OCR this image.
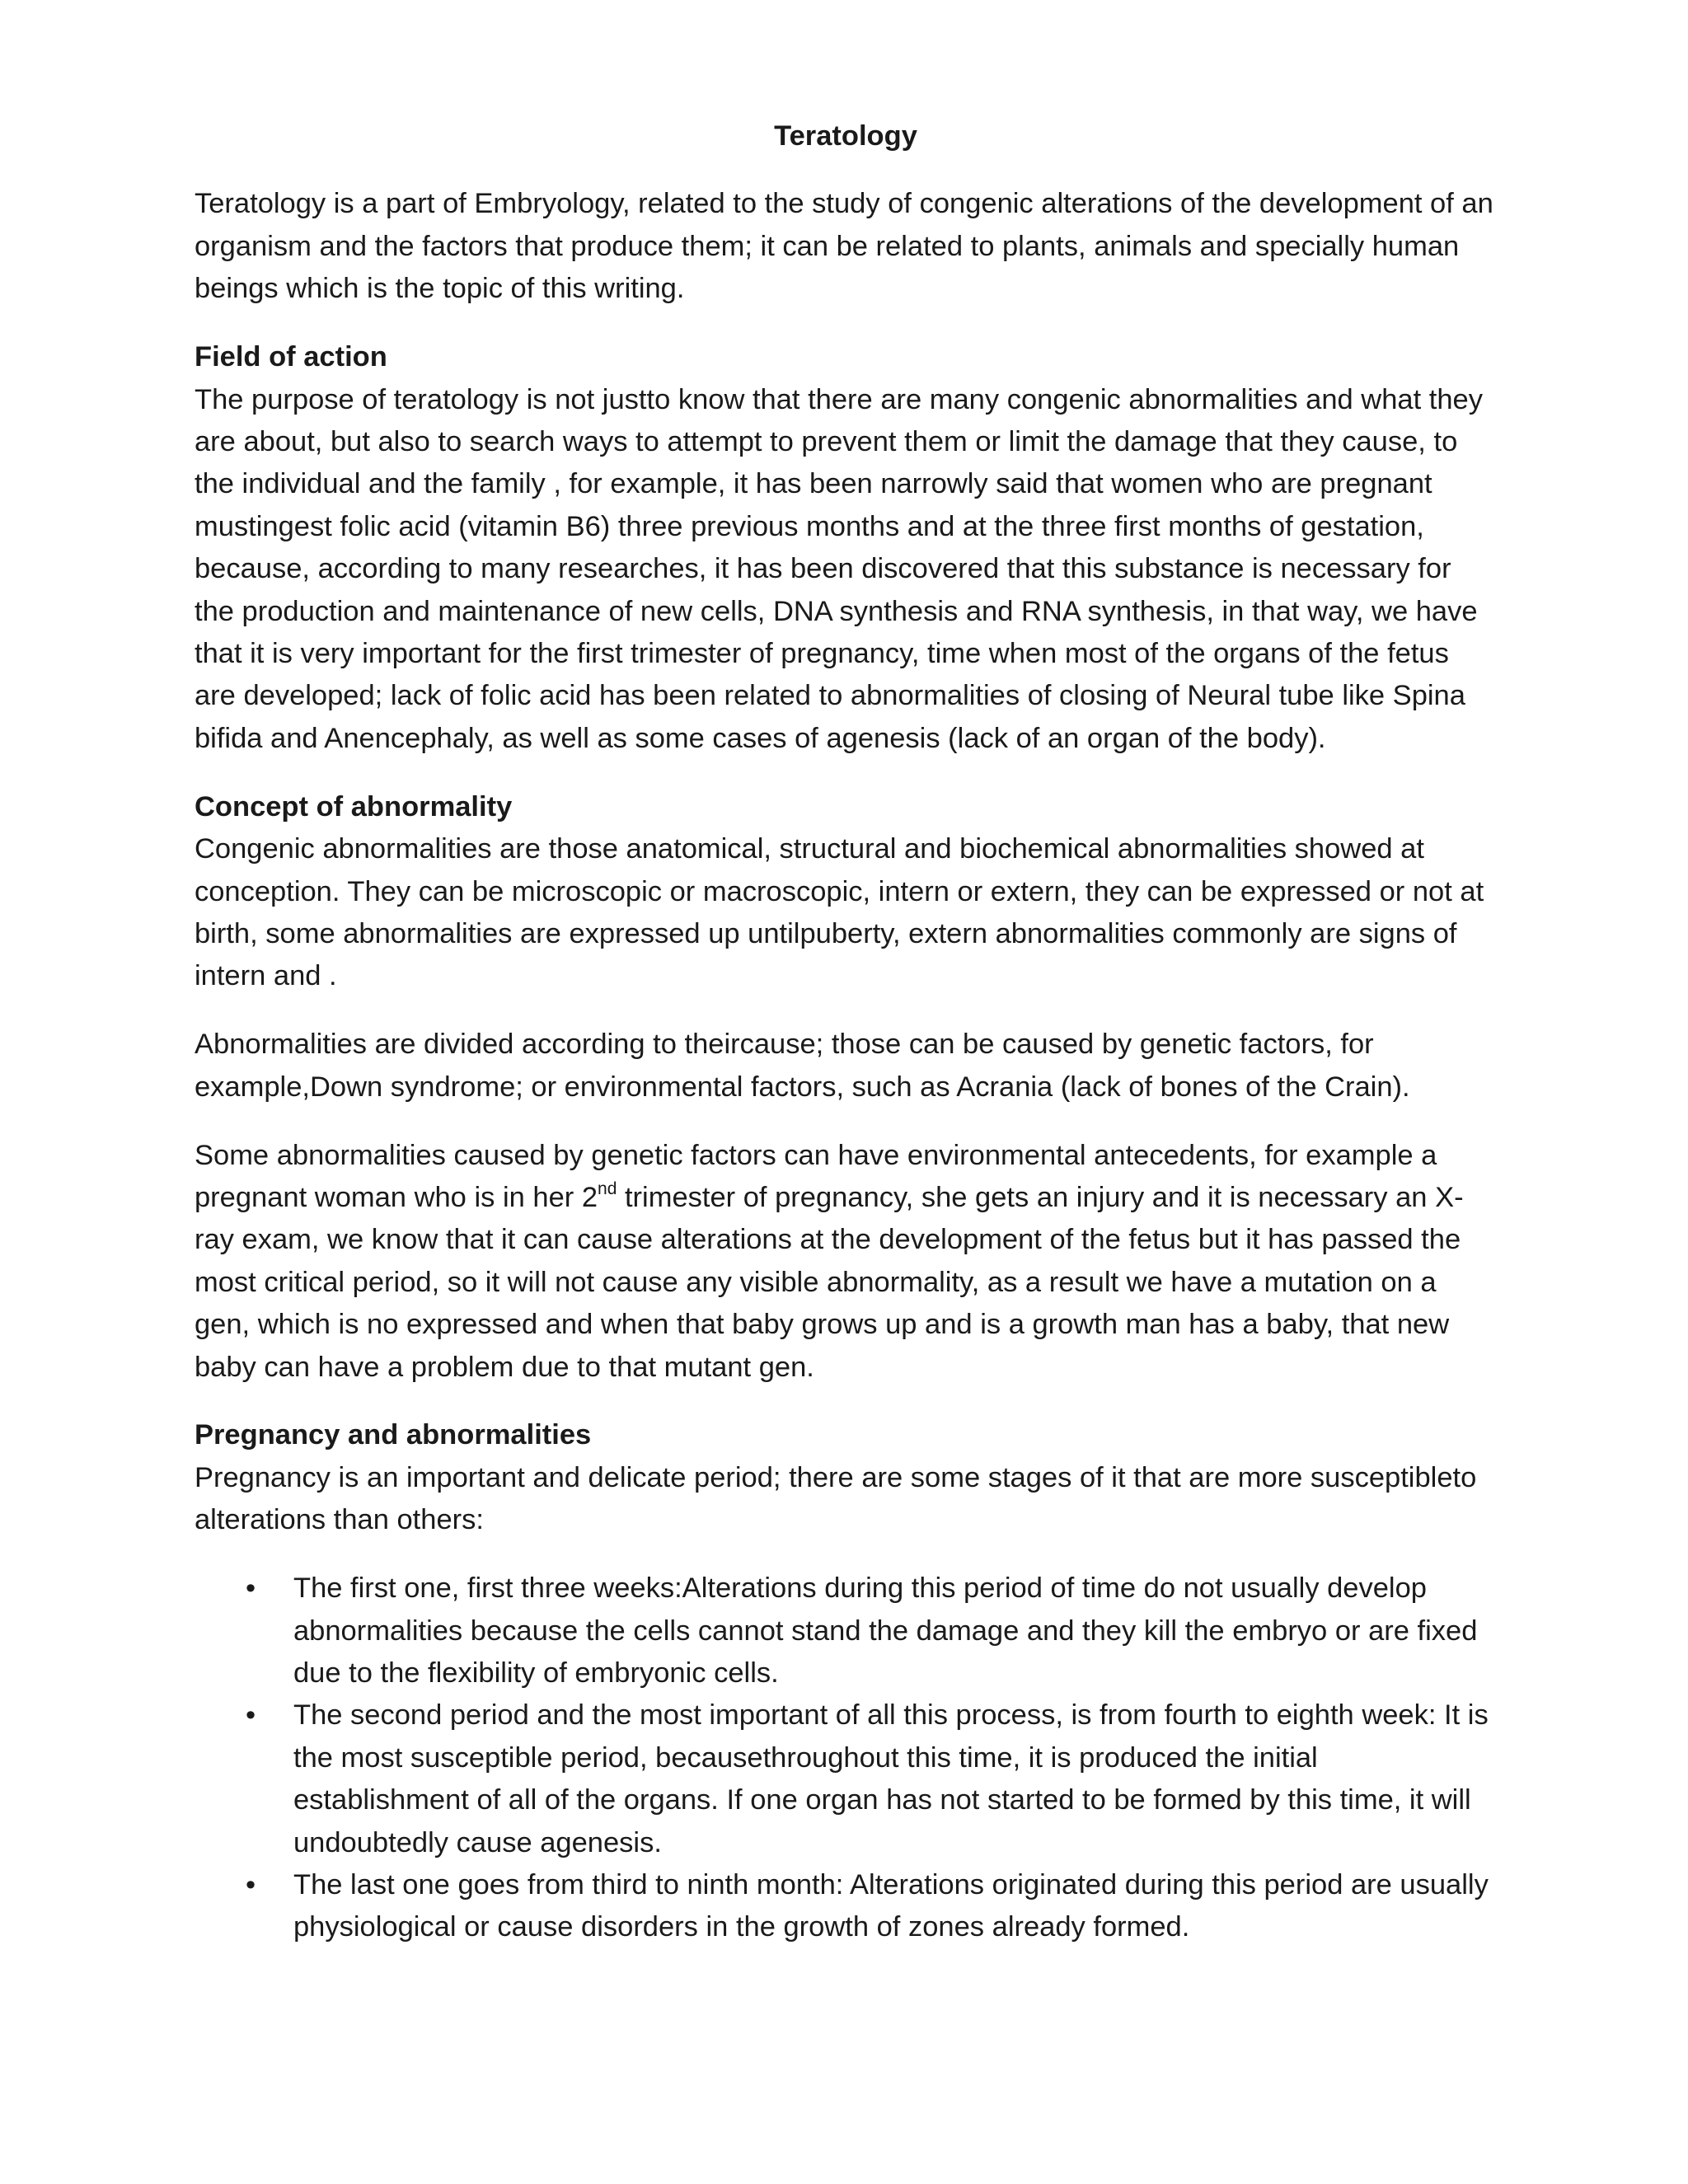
Teratology

Teratology is a part of Embryology, related to the study of congenic alterations of the development of an organism and the factors that produce them; it can be related to plants, animals and specially human beings which is the topic of this writing.

Field of action
The purpose of teratology is not justto know that there are many congenic abnormalities and what they are about, but also to search ways to attempt to prevent them or limit the damage that they cause, to the individual and the family , for example, it has been narrowly said that women who are pregnant mustingest folic acid (vitamin B6) three previous months and at the three first months of gestation, because, according to many researches, it has been discovered that this substance is necessary for the production and maintenance of new cells, DNA synthesis and RNA synthesis, in that way, we have that it is very important for the first trimester of pregnancy, time when most of the organs of the fetus are developed; lack of folic acid has been related to abnormalities of closing of Neural tube like Spina bifida and Anencephaly, as well as some cases of agenesis (lack of an organ of the body).

Concept of abnormality
Congenic abnormalities are those anatomical, structural and biochemical abnormalities showed at conception. They can be microscopic or macroscopic, intern or extern, they can be expressed or not at birth, some abnormalities are expressed up untilpuberty, extern abnormalities commonly are signs of intern and .

Abnormalities are divided according to theircause; those can be caused by genetic factors, for example,Down syndrome; or environmental factors, such as Acrania (lack of bones of the Crain).

Some abnormalities caused by genetic factors can have environmental antecedents, for example a pregnant woman who is in her 2nd trimester of pregnancy, she gets an injury and it is necessary an X-ray exam, we know that it can cause alterations at the development of the fetus but it has passed the most critical period, so it will not cause any visible abnormality, as a result we have a mutation on a gen, which is no expressed and when that baby grows up and is a growth man has a baby, that new baby can have a problem due to that mutant gen.

Pregnancy and abnormalities
Pregnancy is an important and delicate period; there are some stages of it that are more susceptibleto alterations than others:

• The first one, first three weeks:Alterations during this period of time do not usually develop abnormalities because the cells cannot stand the damage and they kill the embryo or are fixed due to the flexibility of embryonic cells.
• The second period and the most important of all this process, is from fourth to eighth week: It is the most susceptible period, becausethroughout this time, it is produced the initial establishment of all of the organs. If one organ has not started to be formed by this time, it will undoubtedly cause agenesis.
• The last one goes from third to ninth month: Alterations originated during this period are usually physiological or cause disorders in the growth of zones already formed.
